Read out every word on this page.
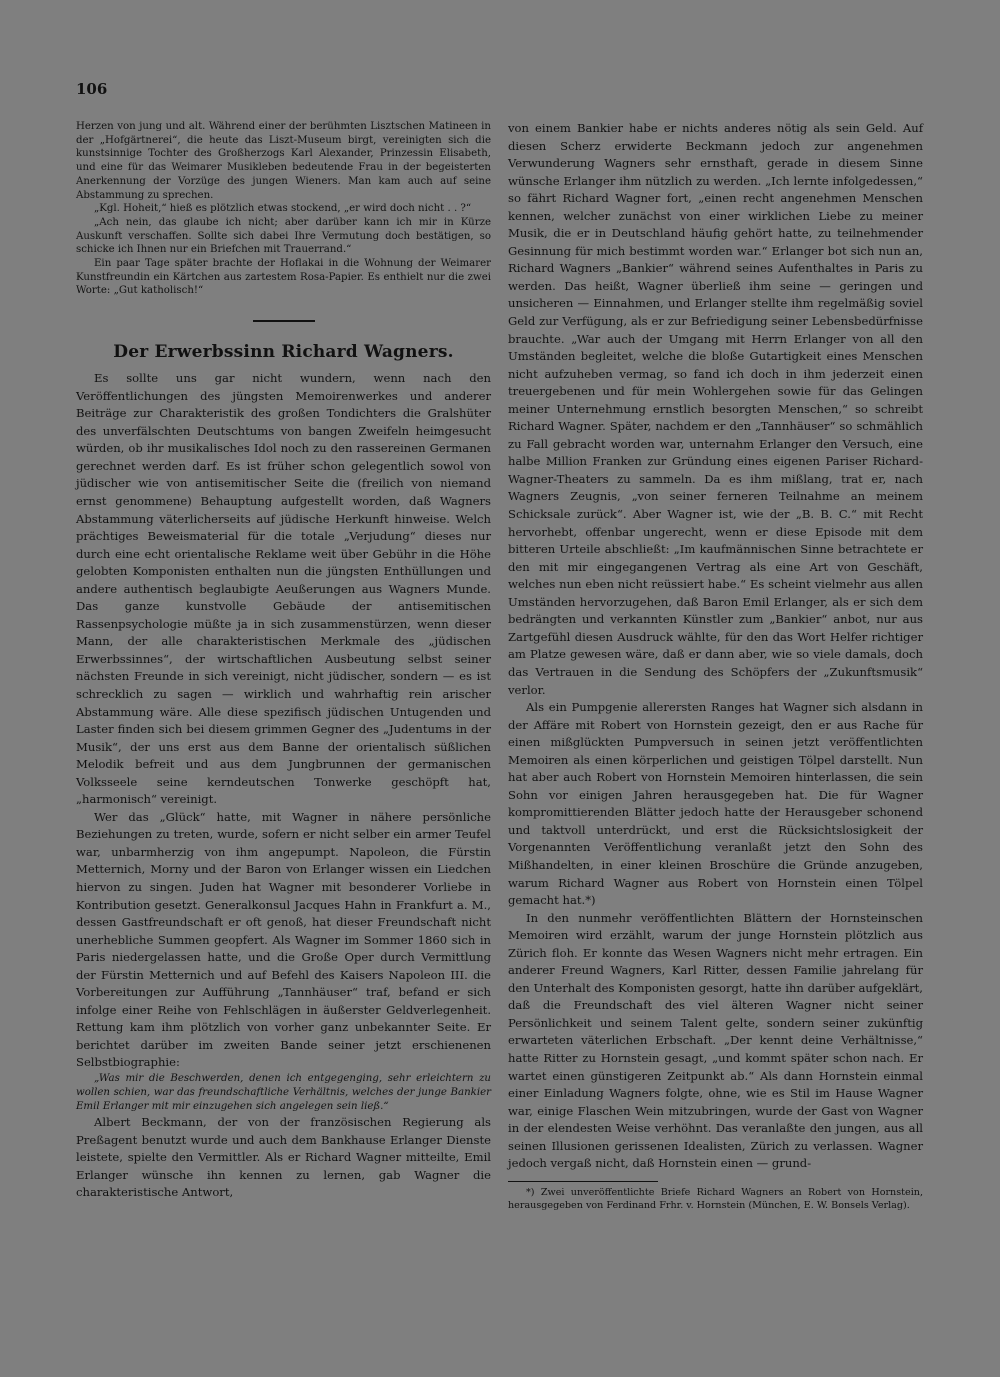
106

Herzen von jung und alt. Während einer der berühmten Lisztschen Matineen in der „Hofgärtnerei“, die heute das Liszt-Museum birgt, vereinigten sich die kunstsinnige Tochter des Großherzogs Karl Alexander, Prinzessin Elisabeth, und eine für das Weimarer Musikleben bedeutende Frau in der begeisterten Anerkennung der Vorzüge des jungen Wieners. Man kam auch auf seine Abstammung zu sprechen.

„Kgl. Hoheit,“ hieß es plötzlich etwas stockend, „er wird doch nicht . . ?“

„Ach nein, das glaube ich nicht; aber darüber kann ich mir in Kürze Auskunft verschaffen. Sollte sich dabei Ihre Vermutung doch bestätigen, so schicke ich Ihnen nur ein Briefchen mit Trauerrand.“

Ein paar Tage später brachte der Hoflakai in die Wohnung der Weimarer Kunstfreundin ein Kärtchen aus zartestem Rosa-Papier. Es enthielt nur die zwei Worte: „Gut katholisch!“

Der Erwerbssinn Richard Wagners.

Es sollte uns gar nicht wundern, wenn nach den Veröffentlichungen des jüngsten Memoirenwerkes und anderer Beiträge zur Charakteristik des großen Tondichters die Gralshüter des unverfälschten Deutschtums von bangen Zweifeln heimgesucht würden, ob ihr musikalisches Idol noch zu den rassereinen Germanen gerechnet werden darf. Es ist früher schon gelegentlich sowol von jüdischer wie von antisemitischer Seite die (freilich von niemand ernst genommene) Behauptung aufgestellt worden, daß Wagners Abstammung väterlicherseits auf jüdische Herkunft hinweise. Welch prächtiges Beweismaterial für die totale „Verjudung“ dieses nur durch eine echt orientalische Reklame weit über Gebühr in die Höhe gelobten Komponisten enthalten nun die jüngsten Enthüllungen und andere authentisch beglaubigte Aeußerungen aus Wagners Munde. Das ganze kunstvolle Gebäude der antisemitischen Rassenpsychologie müßte ja in sich zusammenstürzen, wenn dieser Mann, der alle charakteristischen Merkmale des „jüdischen Erwerbssinnes“, der wirtschaftlichen Ausbeutung selbst seiner nächsten Freunde in sich vereinigt, nicht jüdischer, sondern — es ist schrecklich zu sagen — wirklich und wahrhaftig rein arischer Abstammung wäre. Alle diese spezifisch jüdischen Untugenden und Laster finden sich bei diesem grimmen Gegner des „Judentums in der Musik“, der uns erst aus dem Banne der orientalisch süßlichen Melodik befreit und aus dem Jungbrunnen der germanischen Volksseele seine kerndeutschen Tonwerke geschöpft hat, „harmonisch“ vereinigt.

Wer das „Glück“ hatte, mit Wagner in nähere persönliche Beziehungen zu treten, wurde, sofern er nicht selber ein armer Teufel war, unbarmherzig von ihm angepumpt. Napoleon, die Fürstin Metternich, Morny und der Baron von Erlanger wissen ein Liedchen hiervon zu singen. Juden hat Wagner mit besonderer Vorliebe in Kontribution gesetzt. Generalkonsul Jacques Hahn in Frankfurt a. M., dessen Gastfreundschaft er oft genoß, hat dieser Freundschaft nicht unerhebliche Summen geopfert. Als Wagner im Sommer 1860 sich in Paris niedergelassen hatte, und die Große Oper durch Vermittlung der Fürstin Metternich und auf Befehl des Kaisers Napoleon III. die Vorbereitungen zur Aufführung „Tannhäuser“ traf, befand er sich infolge einer Reihe von Fehlschlägen in äußerster Geldverlegenheit. Rettung kam ihm plötzlich von vorher ganz unbekannter Seite. Er berichtet darüber im zweiten Bande seiner jetzt erschienenen Selbstbiographie:

„Was mir die Beschwerden, denen ich entgegenging, sehr erleichtern zu wollen schien, war das freundschaftliche Verhältnis, welches der junge Bankier Emil Erlanger mit mir einzugehen sich angelegen sein ließ.“

Albert Beckmann, der von der französischen Regierung als Preßagent benutzt wurde und auch dem Bankhause Erlanger Dienste leistete, spielte den Vermittler. Als er Richard Wagner mitteilte, Emil Erlanger wünsche ihn kennen zu lernen, gab Wagner die charakteristische Antwort,

von einem Bankier habe er nichts anderes nötig als sein Geld. Auf diesen Scherz erwiderte Beckmann jedoch zur angenehmen Verwunderung Wagners sehr ernsthaft, gerade in diesem Sinne wünsche Erlanger ihm nützlich zu werden. „Ich lernte infolgedessen,“ so fährt Richard Wagner fort, „einen recht angenehmen Menschen kennen, welcher zunächst von einer wirklichen Liebe zu meiner Musik, die er in Deutschland häufig gehört hatte, zu teilnehmender Gesinnung für mich bestimmt worden war.“ Erlanger bot sich nun an, Richard Wagners „Bankier“ während seines Aufenthaltes in Paris zu werden. Das heißt, Wagner überließ ihm seine — geringen und unsicheren — Einnahmen, und Erlanger stellte ihm regelmäßig soviel Geld zur Verfügung, als er zur Befriedigung seiner Lebensbedürfnisse brauchte. „War auch der Umgang mit Herrn Erlanger von all den Umständen begleitet, welche die bloße Gutartigkeit eines Menschen nicht aufzuheben vermag, so fand ich doch in ihm jederzeit einen treuergebenen und für mein Wohlergehen sowie für das Gelingen meiner Unternehmung ernstlich besorgten Menschen,“ so schreibt Richard Wagner. Später, nachdem er den „Tannhäuser“ so schmählich zu Fall gebracht worden war, unternahm Erlanger den Versuch, eine halbe Million Franken zur Gründung eines eigenen Pariser Richard-Wagner-Theaters zu sammeln. Da es ihm mißlang, trat er, nach Wagners Zeugnis, „von seiner ferneren Teilnahme an meinem Schicksale zurück“. Aber Wagner ist, wie der „B. B. C.“ mit Recht hervorhebt, offenbar ungerecht, wenn er diese Episode mit dem bitteren Urteile abschließt: „Im kaufmännischen Sinne betrachtete er den mit mir eingegangenen Vertrag als eine Art von Geschäft, welches nun eben nicht reüssiert habe.“ Es scheint vielmehr aus allen Umständen hervorzugehen, daß Baron Emil Erlanger, als er sich dem bedrängten und verkannten Künstler zum „Bankier“ anbot, nur aus Zartgefühl diesen Ausdruck wählte, für den das Wort Helfer richtiger am Platze gewesen wäre, daß er dann aber, wie so viele damals, doch das Vertrauen in die Sendung des Schöpfers der „Zukunftsmusik“ verlor.

Als ein Pumpgenie allerersten Ranges hat Wagner sich alsdann in der Affäre mit Robert von Hornstein gezeigt, den er aus Rache für einen mißglückten Pumpversuch in seinen jetzt veröffentlichten Memoiren als einen körperlichen und geistigen Tölpel darstellt. Nun hat aber auch Robert von Hornstein Memoiren hinterlassen, die sein Sohn vor einigen Jahren herausgegeben hat. Die für Wagner kompromittierenden Blätter jedoch hatte der Herausgeber schonend und taktvoll unterdrückt, und erst die Rücksichtslosigkeit der Vorgenannten Veröffentlichung veranlaßt jetzt den Sohn des Mißhandelten, in einer kleinen Broschüre die Gründe anzugeben, warum Richard Wagner aus Robert von Hornstein einen Tölpel gemacht hat.*)

In den nunmehr veröffentlichten Blättern der Hornsteinschen Memoiren wird erzählt, warum der junge Hornstein plötzlich aus Zürich floh. Er konnte das Wesen Wagners nicht mehr ertragen. Ein anderer Freund Wagners, Karl Ritter, dessen Familie jahrelang für den Unterhalt des Komponisten gesorgt, hatte ihn darüber aufgeklärt, daß die Freundschaft des viel älteren Wagner nicht seiner Persönlichkeit und seinem Talent gelte, sondern seiner zukünftig erwarteten väterlichen Erbschaft. „Der kennt deine Verhältnisse,“ hatte Ritter zu Hornstein gesagt, „und kommt später schon nach. Er wartet einen günstigeren Zeitpunkt ab.“ Als dann Hornstein einmal einer Einladung Wagners folgte, ohne, wie es Stil im Hause Wagner war, einige Flaschen Wein mitzubringen, wurde der Gast von Wagner in der elendesten Weise verhöhnt. Das veranlaßte den jungen, aus all seinen Illusionen gerissenen Idealisten, Zürich zu verlassen. Wagner jedoch vergaß nicht, daß Hornstein einen — grund-

*) Zwei unveröffentlichte Briefe Richard Wagners an Robert von Hornstein, herausgegeben von Ferdinand Frhr. v. Hornstein (München, E. W. Bonsels Verlag).
